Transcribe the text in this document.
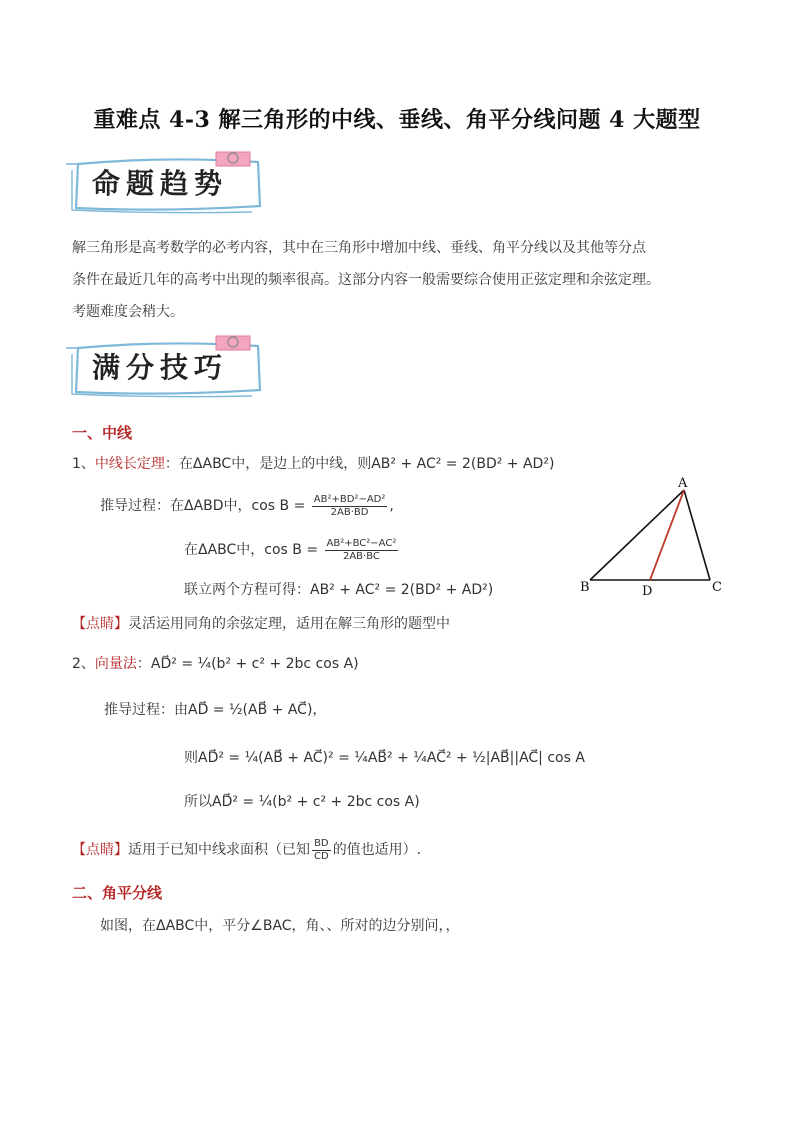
重难点 4-3 解三角形的中线、垂线、角平分线问题 4 大题型
命题趋势
解三角形是高考数学的必考内容，其中在三角形中增加中线、垂线、角平分线以及其他等分点
条件在最近几年的高考中出现的频率很高。这部分内容一般需要综合使用正弦定理和余弦定理。
考题难度会稍大。
满分技巧
一、中线
1、中线长定理：在ΔABC中，是边上的中线，则AB² + AC² = 2(BD² + AD²)
推导过程：在ΔABD中，$\cos B = \frac{\text{AB²+BD²−AD²}}{2AB\cdot BD}$ ,
在ΔABC中，$\cos B = \frac{\text{AB²+BC²−AC²}}{2AB\cdot BC}$
联立两个方程可得：AB² + AC² = 2(BD² + AD²)
A
B	D	C
【点睛】灵活运用同角的余弦定理，适用在解三角形的题型中
2、向量法：AD⃗² = ¼(b² + c² + 2bc cos A)
推导过程：由AD⃗ = ½(AB⃗ + AC⃗)，
则AD⃗² = ¼(AB⃗ + AC⃗)² = ¼AB⃗² + ¼AC⃗² + ½|AB⃗||AC⃗| cos A
所以AD⃗² = ¼(b² + c² + 2bc cos A)
【点睛】适用于已知中线求面积（已知 $\frac{BD}{CD}$ 的值也适用）.
二、角平分线
如图，在ΔABC中，平分∠BAC，角、、所对的边分别问，，
